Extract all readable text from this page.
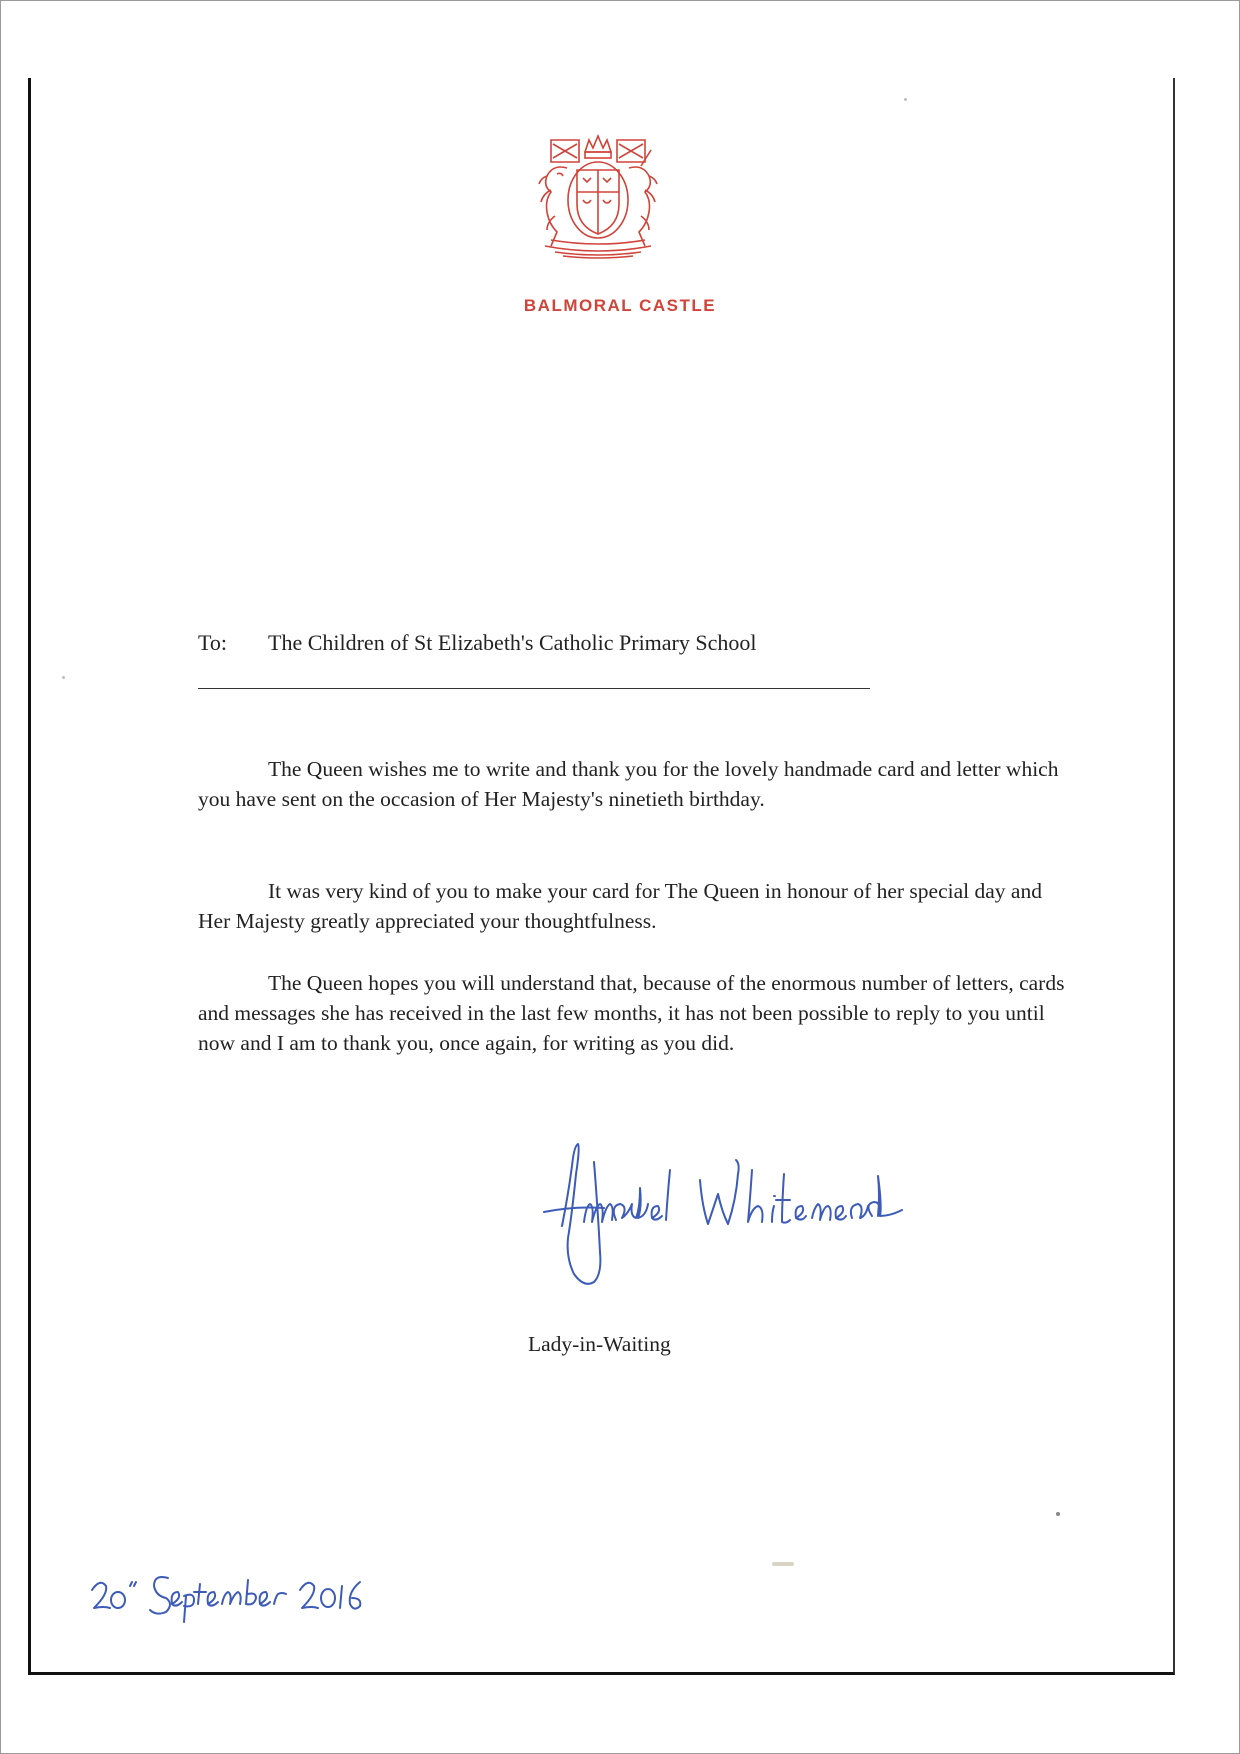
BALMORAL CASTLE
To: The Children of St Elizabeth's Catholic Primary School

The Queen wishes me to write and thank you for the lovely handmade card and letter which you have sent on the occasion of Her Majesty's ninetieth birthday.

It was very kind of you to make your card for The Queen in honour of her special day and Her Majesty greatly appreciated your thoughtfulness.

The Queen hopes you will understand that, because of the enormous number of letters, cards and messages she has received in the last few months, it has not been possible to reply to you until now and I am to thank you, once again, for writing as you did.

Lady-in-Waiting
